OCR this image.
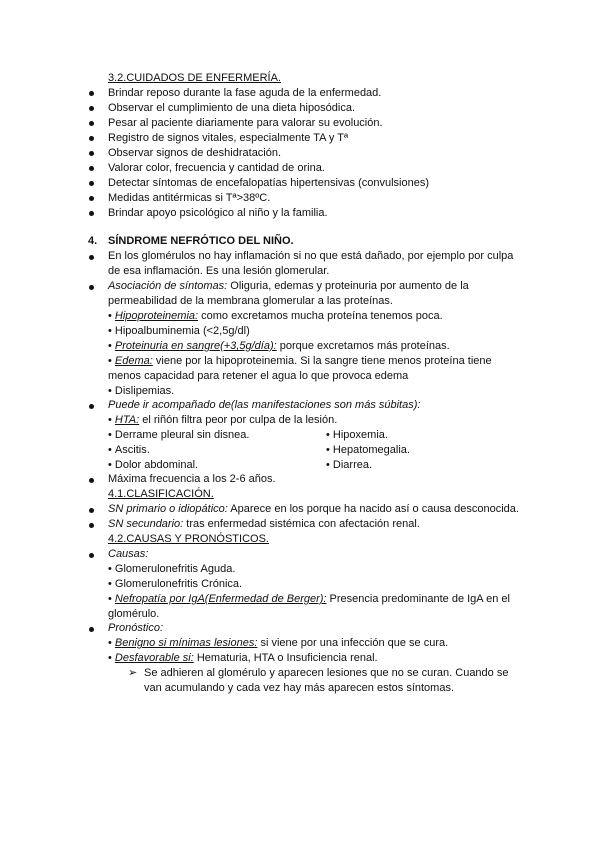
3.2.CUIDADOS DE ENFERMERÍA.
Brindar reposo durante la fase aguda de la enfermedad.
Observar el cumplimiento de una dieta hiposódica.
Pesar al paciente diariamente para valorar su evolución.
Registro de signos vitales, especialmente TA y Tª
Observar signos de deshidratación.
Valorar color, frecuencia y cantidad de orina.
Detectar síntomas de encefalopatías hipertensivas (convulsiones)
Medidas antitérmicas si Tª>38ºC.
Brindar apoyo psicológico al niño y la familia.
4. SÍNDROME NEFRÓTICO DEL NIÑO.
En los glomérulos no hay inflamación si no que está dañado, por ejemplo por culpa
de esa inflamación. Es una lesión glomerular.
Asociación de síntomas: Oliguria, edemas y proteinuria por aumento de la
permeabilidad de la membrana glomerular a las proteínas.
• Hipoproteinemia: como excretamos mucha proteína tenemos poca.
• Hipoalbuminemia (<2,5g/dl)
• Proteinuria en sangre(+3,5g/día): porque excretamos más proteínas.
• Edema: viene por la hipoproteinemia. Si la sangre tiene menos proteína tiene
menos capacidad para retener el agua lo que provoca edema
• Dislipemias.
Puede ir acompañado de(las manifestaciones son más súbitas):
• HTA: el riñón filtra peor por culpa de la lesión.
• Derrame pleural sin disnea.
• Ascitis.
• Dolor abdominal.
• Hipoxemia.
• Hepatomegalia.
• Diarrea.
Máxima frecuencia a los 2-6 años.
4.1.CLASIFICACIÓN.
SN primario o idiopático: Aparece en los porque ha nacido así o causa desconocida.
SN secundario: tras enfermedad sistémica con afectación renal.
4.2.CAUSAS Y PRONÓSTICOS.
Causas:
• Glomerulonefritis Aguda.
• Glomerulonefritis Crónica.
• Nefropatía por IgA(Enfermedad de Berger): Presencia predominante de IgA en el
glomérulo.
Pronóstico:
• Benigno si mínimas lesiones: si viene por una infección que se cura.
• Desfavorable si: Hematuria, HTA o Insuficiencia renal.
➢ Se adhieren al glomérulo y aparecen lesiones que no se curan. Cuando se
van acumulando y cada vez hay más aparecen estos síntomas.
